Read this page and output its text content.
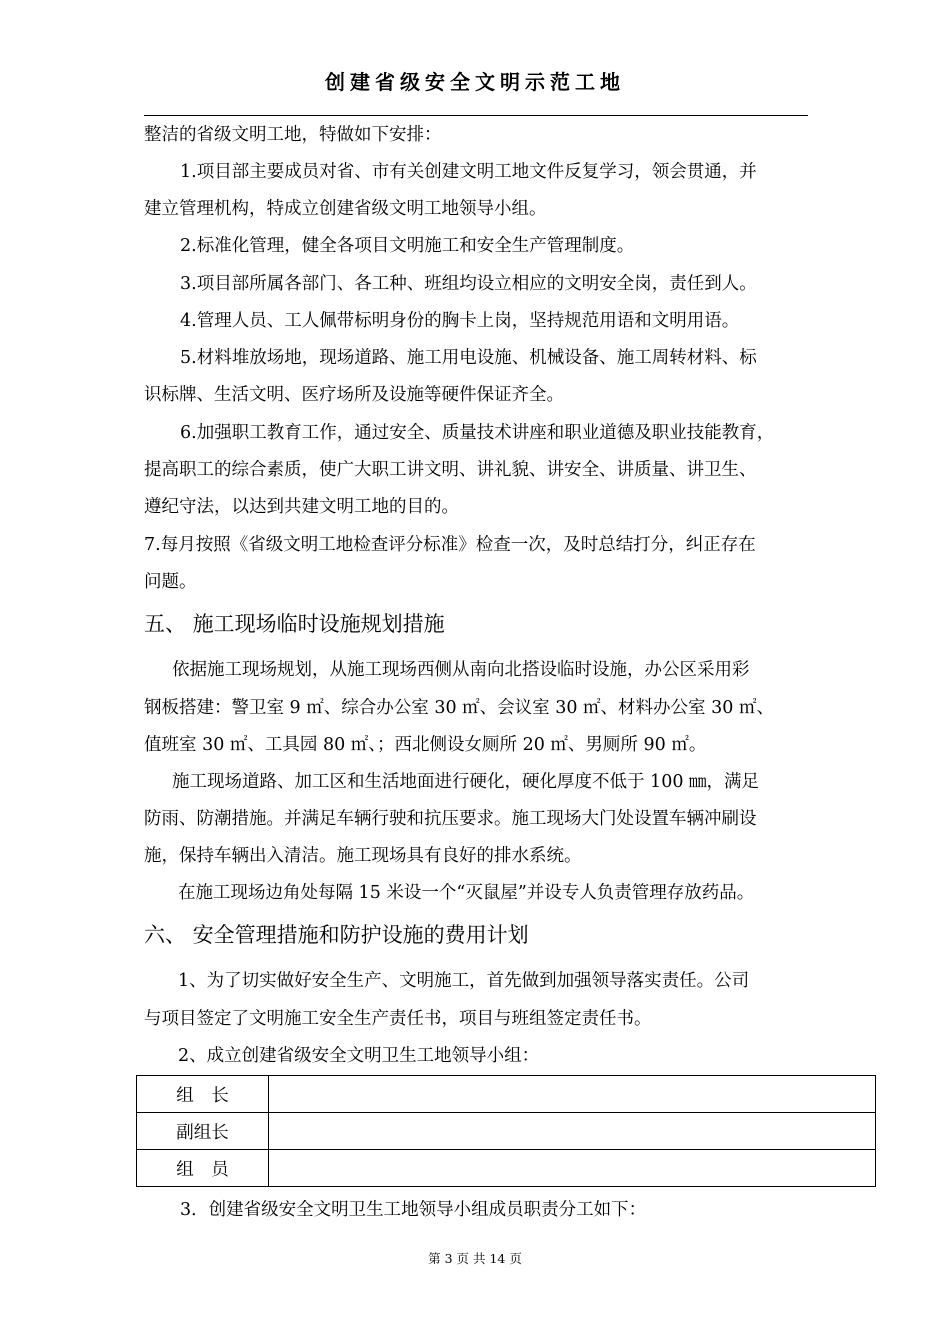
创建省级安全文明示范工地
整洁的省级文明工地，特做如下安排：
1.项目部主要成员对省、市有关创建文明工地文件反复学习，领会贯通，并
建立管理机构，特成立创建省级文明工地领导小组。
2.标准化管理，健全各项目文明施工和安全生产管理制度。
3.项目部所属各部门、各工种、班组均设立相应的文明安全岗，责任到人。
4.管理人员、工人佩带标明身份的胸卡上岗，坚持规范用语和文明用语。
5.材料堆放场地，现场道路、施工用电设施、机械设备、施工周转材料、标
识标牌、生活文明、医疗场所及设施等硬件保证齐全。
6.加强职工教育工作，通过安全、质量技术讲座和职业道德及职业技能教育，
提高职工的综合素质，使广大职工讲文明、讲礼貌、讲安全、讲质量、讲卫生、
遵纪守法，以达到共建文明工地的目的。
7.每月按照《省级文明工地检查评分标准》检查一次，及时总结打分，纠正存在
问题。
五、 施工现场临时设施规划措施
依据施工现场规划，从施工现场西侧从南向北搭设临时设施，办公区采用彩
钢板搭建：警卫室 9 ㎡、综合办公室 30 ㎡、会议室 30 ㎡、材料办公室 30 ㎡、
值班室 30 ㎡、工具园 80 ㎡、；西北侧设女厕所 20 ㎡、男厕所 90 ㎡。
施工现场道路、加工区和生活地面进行硬化，硬化厚度不低于 100 ㎜，满足
防雨、防潮措施。并满足车辆行驶和抗压要求。施工现场大门处设置车辆冲刷设
施，保持车辆出入清洁。施工现场具有良好的排水系统。
在施工现场边角处每隔 15 米设一个“灭鼠屋”并设专人负责管理存放药品。
六、 安全管理措施和防护设施的费用计划
1、为了切实做好安全生产、文明施工，首先做到加强领导落实责任。公司
与项目签定了文明施工安全生产责任书，项目与班组签定责任书。
2、成立创建省级安全文明卫生工地领导小组：
组　长	
副组长	
组　员	
3．创建省级安全文明卫生工地领导小组成员职责分工如下：
第 3 页 共 14 页
